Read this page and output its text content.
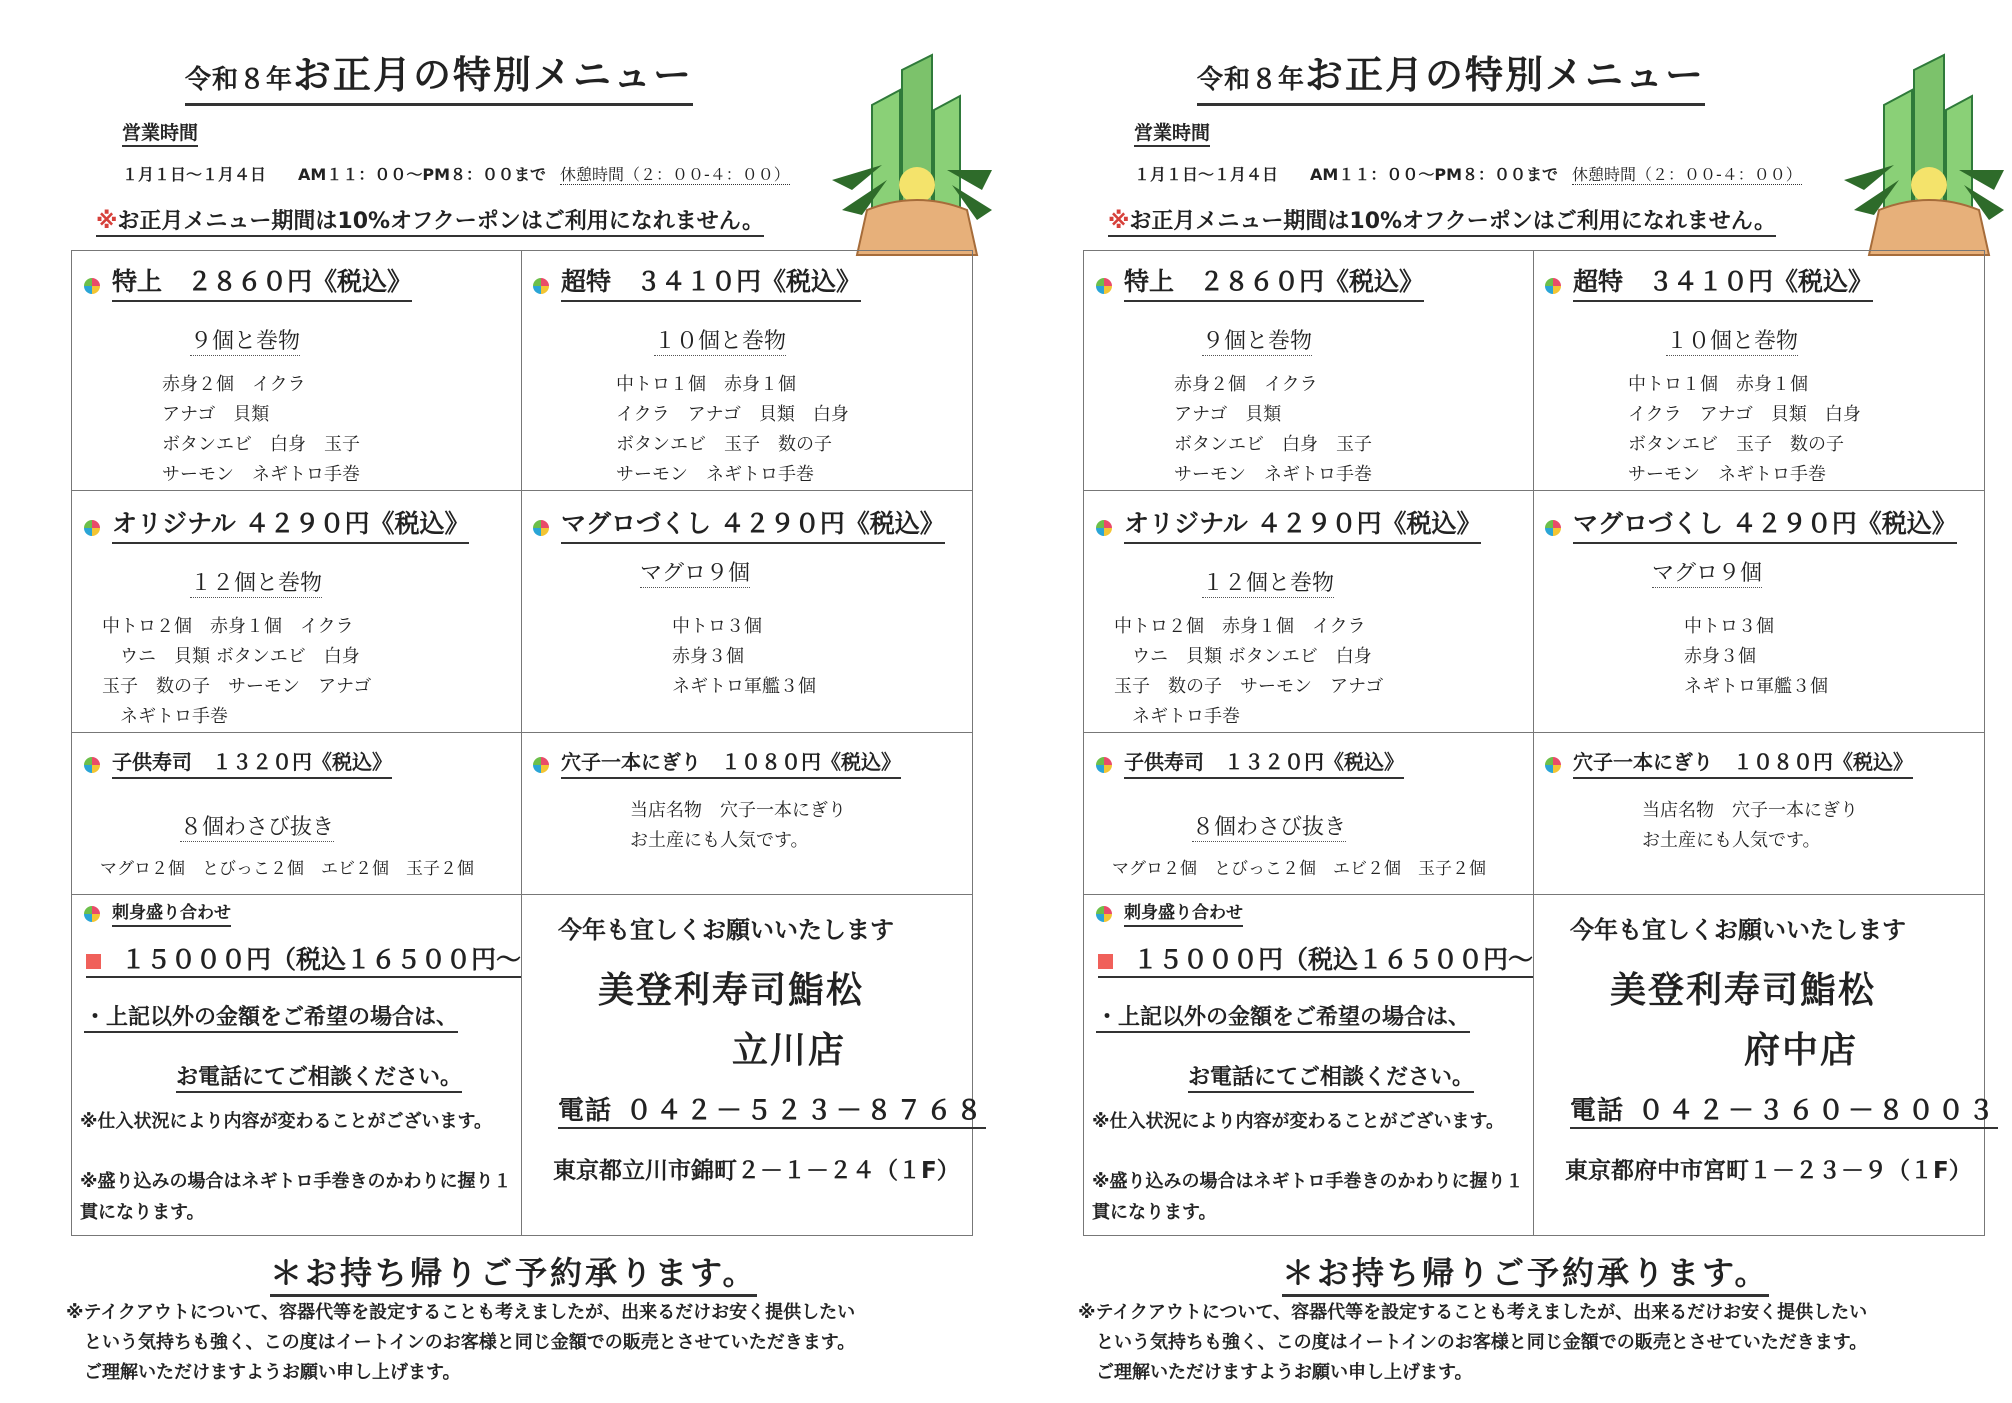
令和８年お正月の特別メニュー
営業時間
１月１日～１月４日　　 AM１１：００～PM８：００まで 休憩時間（２：００-４：００）
※お正月メニュー期間は10%オフクーポンはご利用になれません。
特上　２８６０円《税込》
９個と巻物
赤身２個　イクラ
アナゴ　貝類
ボタンエビ　白身　玉子
サーモン　ネギトロ手巻
超特　３４１０円《税込》
１０個と巻物
中トロ１個　赤身１個
イクラ　アナゴ　貝類　白身
ボタンエビ　玉子　数の子
サーモン　ネギトロ手巻
オリジナル ４２９０円《税込》
１２個と巻物
中トロ２個　赤身１個　イクラ
　ウニ　貝類 ボタンエビ　白身
玉子　数の子　サーモン　アナゴ
　ネギトロ手巻
マグロづくし ４２９０円《税込》
マグロ９個
中トロ３個
赤身３個
ネギトロ軍艦３個
子供寿司　１３２０円《税込》
８個わさび抜き
マグロ２個　とびっこ２個　エビ２個　玉子２個
穴子一本にぎり　１０８０円《税込》
当店名物　穴子一本にぎり
お土産にも人気です。
刺身盛り合わせ
１５０００円（税込１６５００円～
・上記以外の金額をご希望の場合は、
お電話にてご相談ください。
※仕入状況により内容が変わることがございます。
※盛り込みの場合はネギトロ手巻きのかわりに握り１貫になります。
今年も宜しくお願いいたします
美登利寿司鮨松
立川店
電話 ０４２－５２３－８７６８
東京都立川市錦町２－１－２４（１F）
＊お持ち帰りご予約承ります。
※テイクアウトについて、容器代等を設定することも考えましたが、出来るだけお安く提供したい
　という気持ちも強く、この度はイートインのお客様と同じ金額での販売とさせていただきます。
　ご理解いただけますようお願い申し上げます。
令和８年お正月の特別メニュー
営業時間
１月１日～１月４日　　 AM１１：００～PM８：００まで 休憩時間（２：００-４：００）
※お正月メニュー期間は10%オフクーポンはご利用になれません。
特上　２８６０円《税込》
９個と巻物
赤身２個　イクラ
アナゴ　貝類
ボタンエビ　白身　玉子
サーモン　ネギトロ手巻
超特　３４１０円《税込》
１０個と巻物
中トロ１個　赤身１個
イクラ　アナゴ　貝類　白身
ボタンエビ　玉子　数の子
サーモン　ネギトロ手巻
オリジナル ４２９０円《税込》
１２個と巻物
中トロ２個　赤身１個　イクラ
　ウニ　貝類 ボタンエビ　白身
玉子　数の子　サーモン　アナゴ
　ネギトロ手巻
マグロづくし ４２９０円《税込》
マグロ９個
中トロ３個
赤身３個
ネギトロ軍艦３個
子供寿司　１３２０円《税込》
８個わさび抜き
マグロ２個　とびっこ２個　エビ２個　玉子２個
穴子一本にぎり　１０８０円《税込》
当店名物　穴子一本にぎり
お土産にも人気です。
刺身盛り合わせ
１５０００円（税込１６５００円～
・上記以外の金額をご希望の場合は、
お電話にてご相談ください。
※仕入状況により内容が変わることがございます。
※盛り込みの場合はネギトロ手巻きのかわりに握り１貫になります。
今年も宜しくお願いいたします
美登利寿司鮨松
府中店
電話 ０４２－３６０－８００３
東京都府中市宮町１－２３－９（１F）
＊お持ち帰りご予約承ります。
※テイクアウトについて、容器代等を設定することも考えましたが、出来るだけお安く提供したい
　という気持ちも強く、この度はイートインのお客様と同じ金額での販売とさせていただきます。
　ご理解いただけますようお願い申し上げます。
